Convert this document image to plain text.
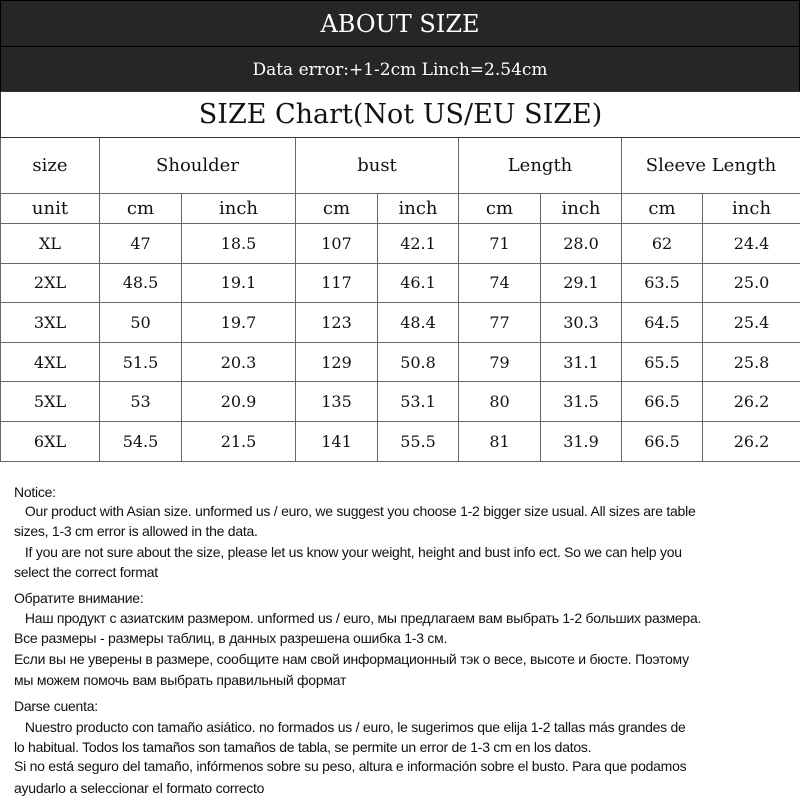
ABOUT SIZE
Data error:+1-2cm Linch=2.54cm
SIZE Chart(Not US/EU SIZE)								
size	Shoulder		bust		Length		Sleeve Length	
unit	cm	inch	cm	inch	cm	inch	cm	inch
XL	47	18.5	107	42.1	71	28.0	62	24.4
2XL	48.5	19.1	117	46.1	74	29.1	63.5	25.0
3XL	50	19.7	123	48.4	77	30.3	64.5	25.4
4XL	51.5	20.3	129	50.8	79	31.1	65.5	25.8
5XL	53	20.9	135	53.1	80	31.5	66.5	26.2
6XL	54.5	21.5	141	55.5	81	31.9	66.5	26.2
Notice:
Our product with Asian size. unformed us / euro, we suggest you choose 1-2 bigger size usual. All sizes are table
sizes, 1-3 cm error is allowed in the data.
If you are not sure about the size, please let us know your weight, height and bust info ect. So we can help you
select the correct format
Обратите внимание:
Наш продукт с азиатским размером. unformed us / euro, мы предлагаем вам выбрать 1-2 больших размера.
Все размеры - размеры таблиц, в данных разрешена ошибка 1-3 см.
Если вы не уверены в размере, сообщите нам свой информационный тэк о весе, высоте и бюсте. Поэтому
мы можем помочь вам выбрать правильный формат
Darse cuenta:
Nuestro producto con tamaño asiático. no formados us / euro, le sugerimos que elija 1-2 tallas más grandes de
lo habitual. Todos los tamaños son tamaños de tabla, se permite un error de 1-3 cm en los datos.
Si no está seguro del tamaño, infórmenos sobre su peso, altura e información sobre el busto. Para que podamos
ayudarlo a seleccionar el formato correcto
